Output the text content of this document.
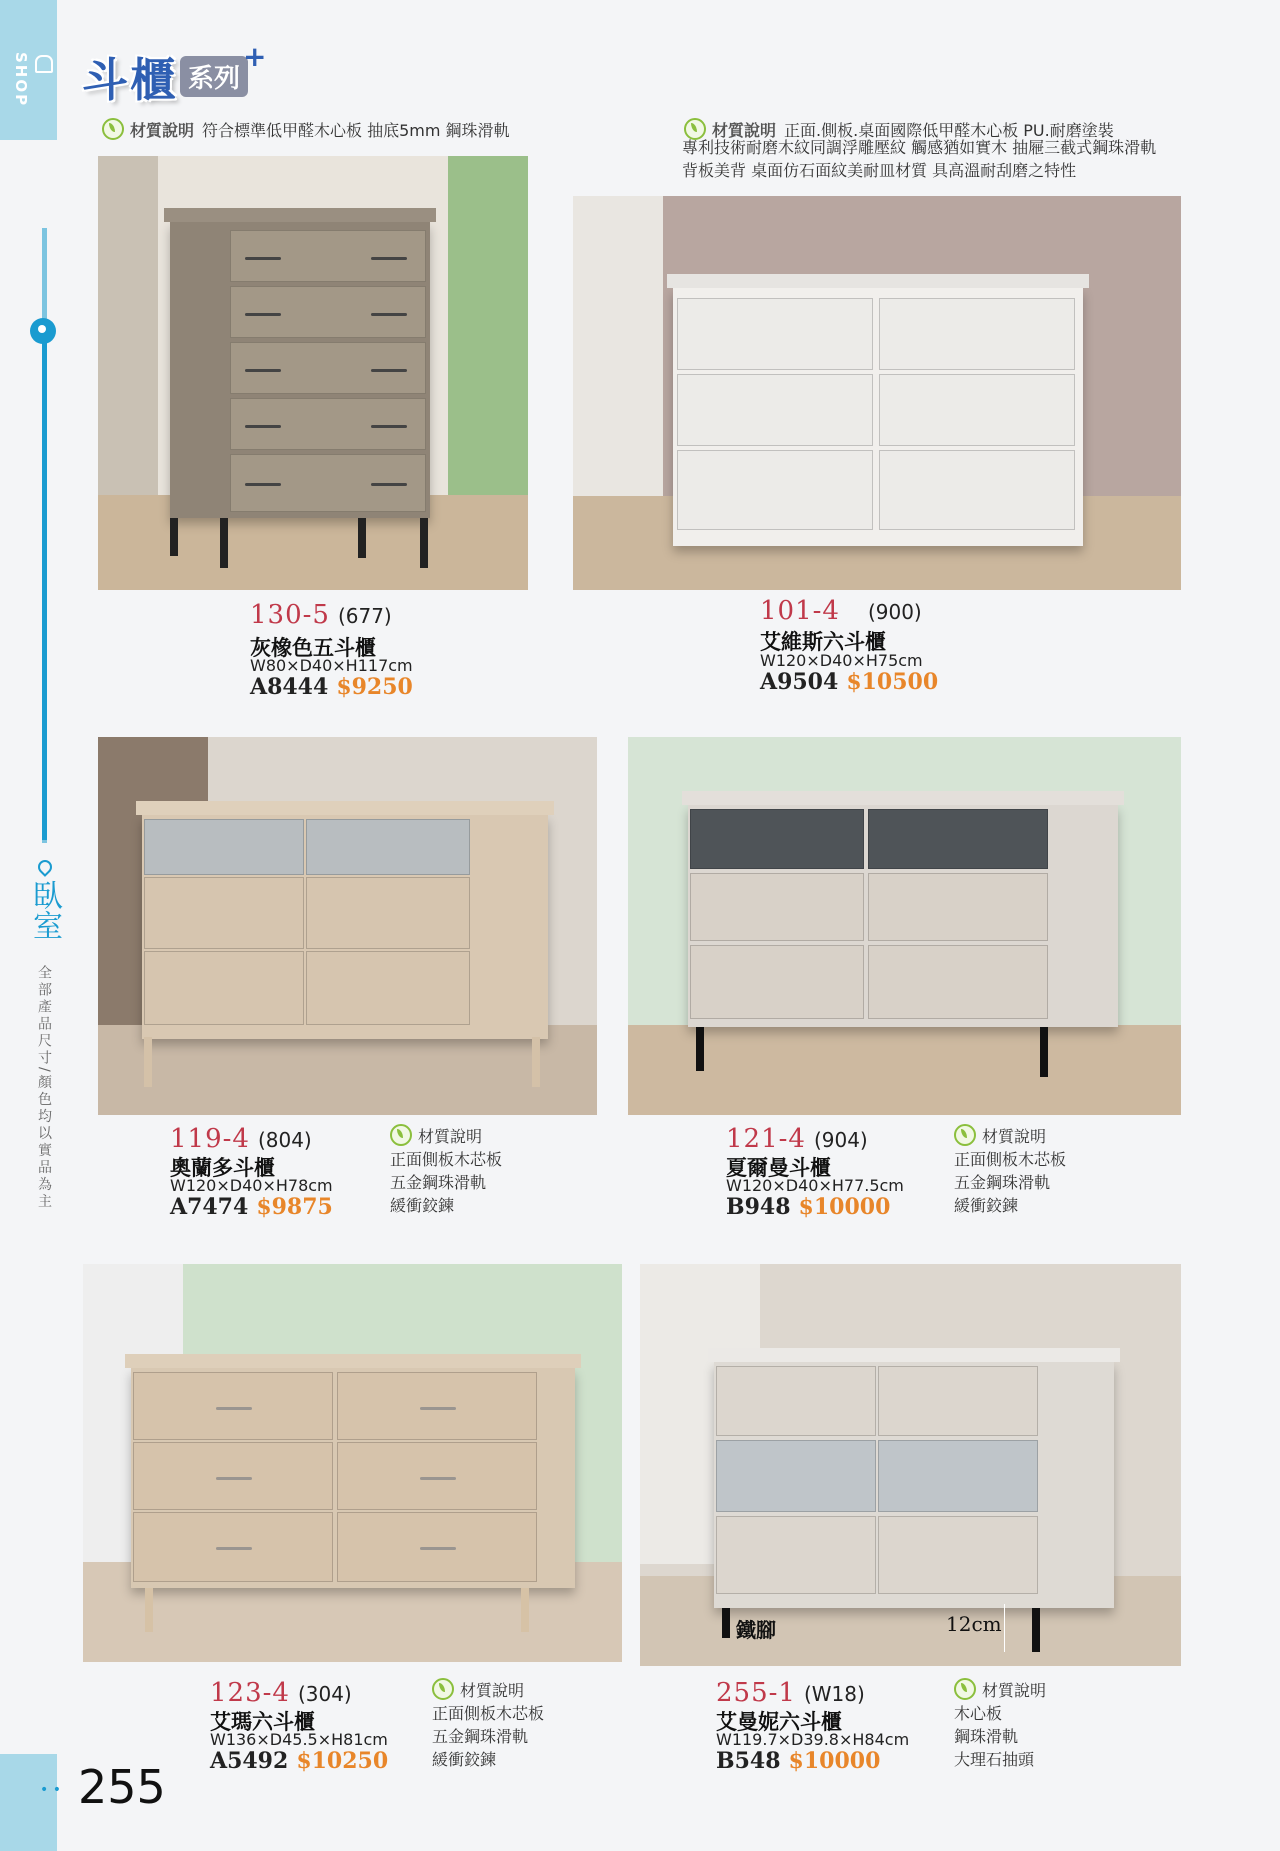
SHOP
臥室
全部產品尺寸/顏色均以實品為主
斗櫃 系列
+
材質說明 符合標準低甲醛木心板 抽底5mm 鋼珠滑軌	材質說明 正面.側板.桌面國際低甲醛木心板 PU.耐磨塗裝
專利技術耐磨木紋同調浮雕壓紋 觸感猶如實木 抽屜三截式鋼珠滑軌
背板美背 桌面仿石面紋美耐皿材質 具高溫耐刮磨之特性
130-5 (677)
灰橡色五斗櫃
W80×D40×H117cm
A8444 $9250
101-4 (900)
艾維斯六斗櫃
W120×D40×H75cm
A9504 $10500
119-4 (804)
奧蘭多斗櫃
W120×D40×H78cm
A7474 $9875
材質說明
正面側板木芯板
五金鋼珠滑軌
緩衝鉸鍊
121-4 (904)
夏爾曼斗櫃
W120×D40×H77.5cm
B948 $10000
材質說明
正面側板木芯板
五金鋼珠滑軌
緩衝鉸鍊
鐵腳	12cm
123-4 (304)
艾瑪六斗櫃
W136×D45.5×H81cm
A5492 $10250
材質說明
正面側板木芯板
五金鋼珠滑軌
緩衝鉸鍊
255-1 (W18)
艾曼妮六斗櫃
W119.7×D39.8×H84cm
B548 $10000
材質說明
木心板
鋼珠滑軌
大理石抽頭
• • 255
